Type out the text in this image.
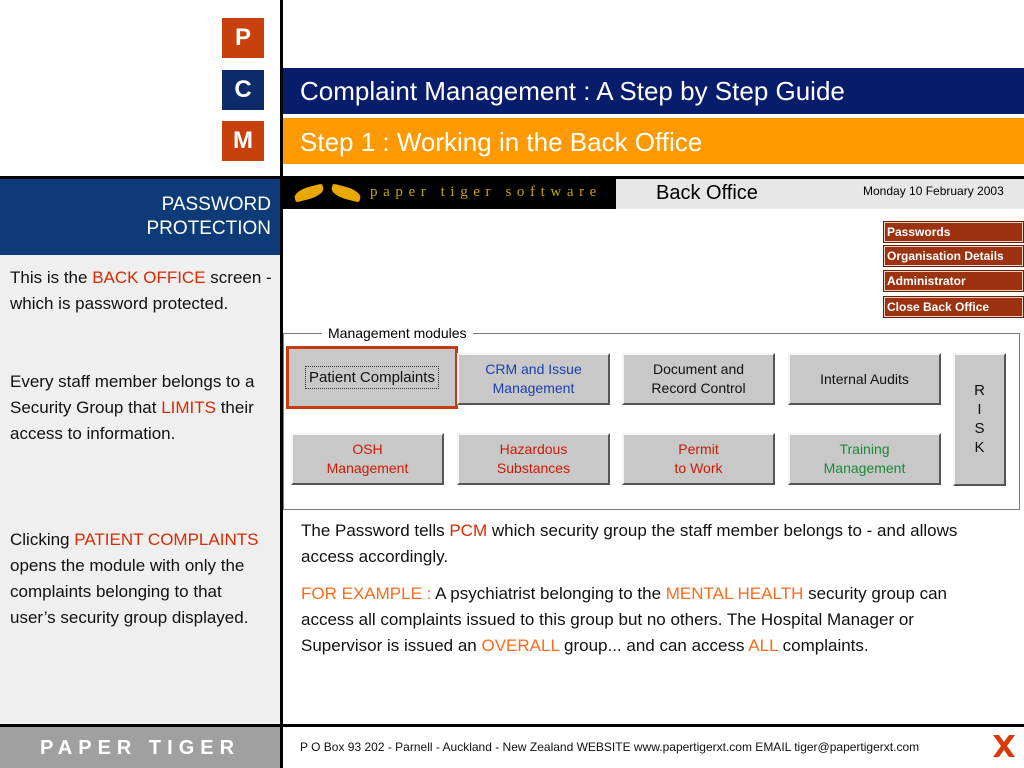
P
C
M
Complaint Management : A Step by Step Guide
Step 1 : Working in the Back Office
PASSWORD
PROTECTION
This is the BACK OFFICE screen - which is password protected.
Every staff member belongs to a Security Group that LIMITS their access to information.
Clicking PATIENT COMPLAINTS opens the module with only the complaints belonging to that user’s security group displayed.
paper tiger software	Back Office	Monday 10 February 2003
Passwords
Organisation Details
Administrator
Close Back Office
Management modules
Patient Complaints	CRM and Issue
Management
Document and
Record Control
Internal Audits
OSH
Management
Hazardous
Substances
Permit
to Work
Training
Management
R
I
S
K
The Password tells PCM which security group the staff member belongs to - and allows access accordingly.
FOR EXAMPLE : A psychiatrist belonging to the MENTAL HEALTH security group can access all complaints issued to this group but no others. The Hospital Manager or Supervisor is issued an OVERALL group... and can access ALL complaints.
PAPER TIGER	P O Box 93 202 - Parnell - Auckland - New Zealand WEBSITE www.papertigerxt.com EMAIL tiger@papertigerxt.com
